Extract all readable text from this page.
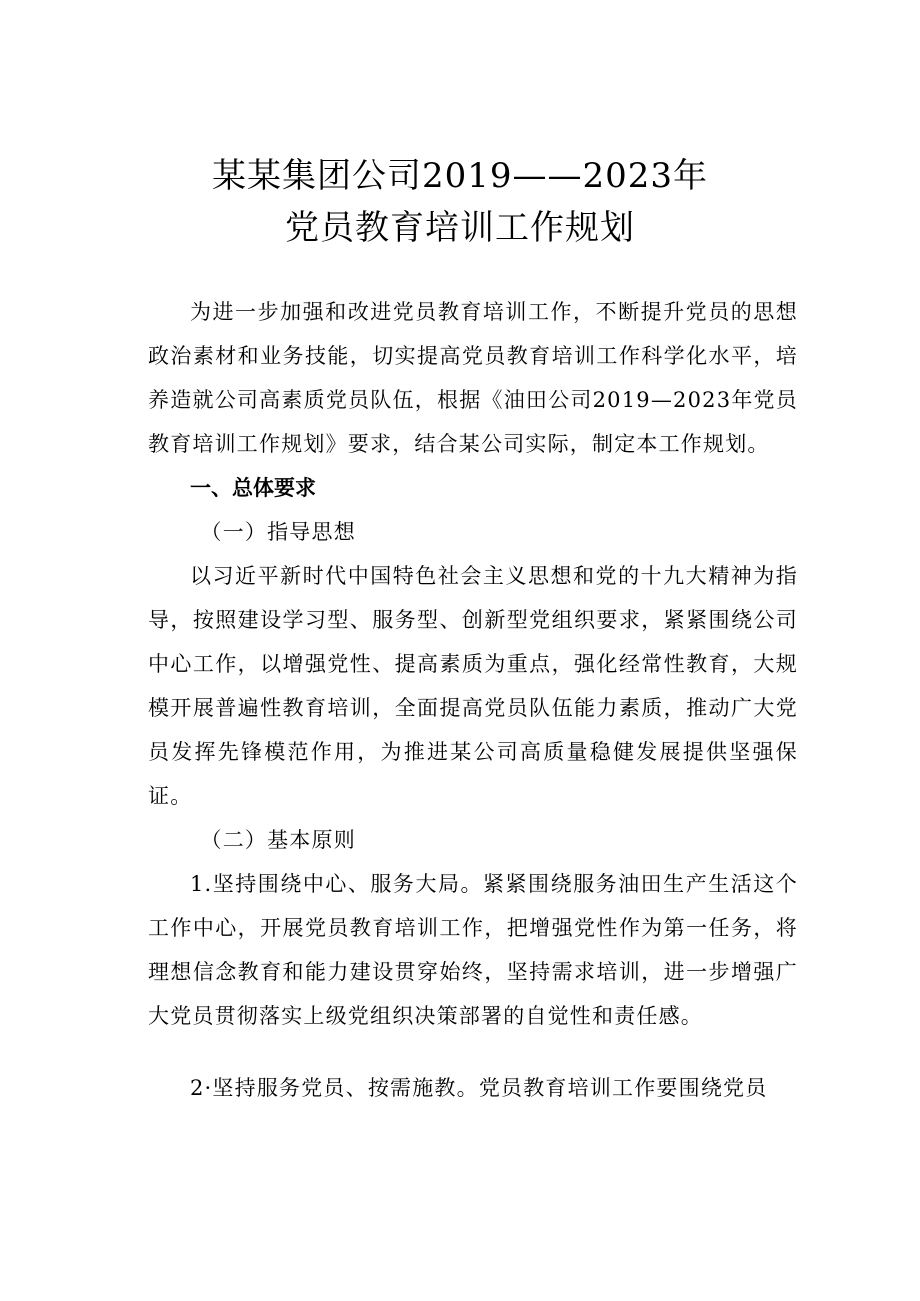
某某集团公司2019——2023年
党员教育培训工作规划

为进一步加强和改进党员教育培训工作，不断提升党员的思想政治素材和业务技能，切实提高党员教育培训工作科学化水平，培养造就公司高素质党员队伍，根据《油田公司2019—2023年党员教育培训工作规划》要求，结合某公司实际，制定本工作规划。

一、总体要求

（一）指导思想

以习近平新时代中国特色社会主义思想和党的十九大精神为指导，按照建设学习型、服务型、创新型党组织要求，紧紧围绕公司中心工作，以增强党性、提高素质为重点，强化经常性教育，大规模开展普遍性教育培训，全面提高党员队伍能力素质，推动广大党员发挥先锋模范作用，为推进某公司高质量稳健发展提供坚强保证。

（二）基本原则

1.坚持围绕中心、服务大局。紧紧围绕服务油田生产生活这个工作中心，开展党员教育培训工作，把增强党性作为第一任务，将理想信念教育和能力建设贯穿始终，坚持需求培训，进一步增强广大党员贯彻落实上级党组织决策部署的自觉性和责任感。

2·坚持服务党员、按需施教。党员教育培训工作要围绕党员
